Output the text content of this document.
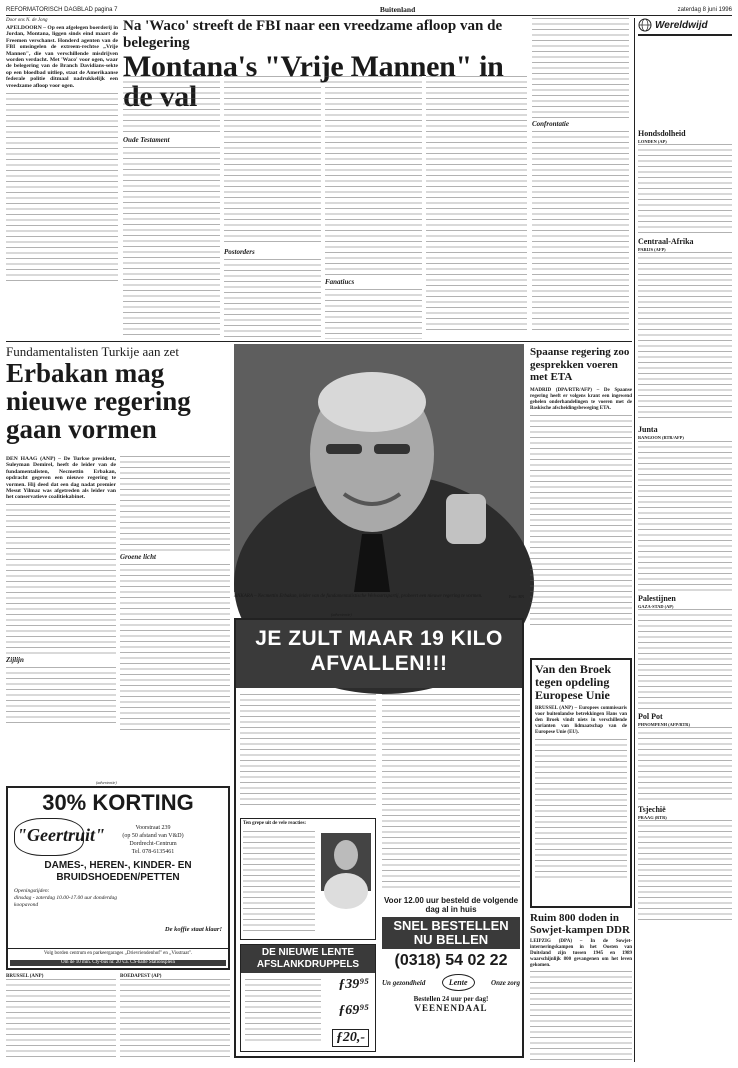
REFORMATORISCH DAGBLAD pagina 7	Buitenland	zaterdag 8 juni 1996
Door ons N. de Jong
APELDOORN – Op een afgelegen boerderij in Jordan, Montana, liggen sinds eind maart de Freemen verschanst. Honderd agenten van de FBI omsingelen de extreem-rechtse „Vrije Mannen", die van verschillende misdrijven worden verdacht. Met 'Waco' voor ogen, waar de belegering van de Branch Davidians-sekte op een bloedbad uitliep, staat de Amerikaanse federale politie ditmaal nadrukkelijk een vreedzame afloop voor ogen.
Na 'Waco' streeft de FBI naar een vreedzame afloop van de belegering
Montana's "Vrije Mannen" in de val
Oude Testament
Postorders
Fanatiucs
Confrontatie
Fundamentalisten Turkije aan zet
Erbakan mag nieuwe regering gaan vormen
DEN HAAG (ANP) – De Turkse president, Suleyman Demirel, heeft de leider van de fundamentalisten, Necmettin Erbakan, opdracht gegeven een nieuwe regering te vormen. Hij deed dat een dag nadat premier Mesut Yilmaz was afgetreden als leider van het conservatieve coalitiekabinet.
Zijlijn
Groene licht
ANKARA – Necmettin Erbakan, leider van de fundamentalistische Welvaartspartij, probeert een nieuwe regering te vormen.	Foto: RN
(advertentie)
JE ZULT MAAR 19 KILO AFVALLEN!!!
Ten grepe uit de vele reacties:
DE NIEUWE LENTE AFSLANKDRUPPELS
ƒ39⁹⁵
ƒ69⁹⁵
ƒ20,-
Voor 12.00 uur besteld de volgende dag al in huis
SNEL BESTELLEN NU BELLEN
(0318) 54 02 22
Un gezondheid	Lente	Onze zorg
Bestellen 24 uur per dag!
VEENENDAAL
(advertentie)
30% KORTING
"Geertruit"	Voorstraat 239
(op 50 afstand van V&D)
Dordrecht-Centrum
Tel. 078-6135461
DAMES-, HEREN-, KINDER- EN BRUIDSHOEDEN/PETTEN
Openingstijden:
dinsdag - zaterdag 10.00-17.00 uur donderdag koopavond
De koffie staat klaar!
Volg borden centrum en parkeergarages „Drievriendenhof" en „Visstraat".
Om de 10 min. Cty-bus nr. 20 v.a. CS-halte Stationsplein
BRUSSEL (ANP)	BOEDAPEST (AP)
Spaanse regering zoo gesprekken voeren met ETA
MADRID (DPA/RTR/AFP) – De Spaanse regering heeft er volgens krant een ingewend gehelen onderhandelingen te voeren met de Baskische afscheidingsbeweging ETA.
Van den Broek tegen opdeling Europese Unie
BRUSSEL (ANP) – Europees commissaris voor buitenlandse betrekkingen Hans van den Broek vindt niets in verschillende varianten van lidmaatschap van de Europese Unie (EU).
Ruim 800 doden in Sowjet-kampen DDR
LEIPZIG (DPA) – In de Sowjet-interneringskampen in het Oosten van Duitsland zijn tussen 1945 en 1989 waarschijnlijk 800 gevangenen om het leven gekomen.
Wereldwijd
Hondsdolheid
LONDEN (AP)
Centraal-Afrika
PARIJS (AFP)
Junta
RANGOON (RTR/AFP)
Palestijnen
GAZA-STAD (AP)
Pol Pot
PHNOMPENH (AFP/RTR)
Tsjechië
PRAAG (RTR)
